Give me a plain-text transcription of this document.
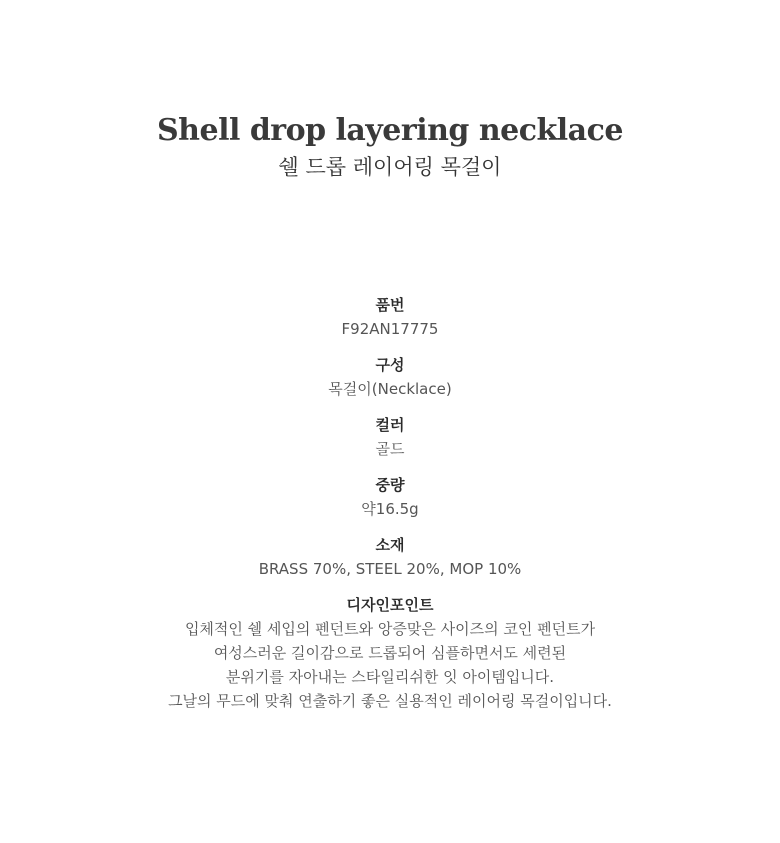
Shell drop layering necklace
쉘 드롭 레이어링 목걸이
품번
F92AN17775
구성
목걸이(Necklace)
컬러
골드
중량
약16.5g
소재
BRASS 70%, STEEL 20%, MOP 10%
디자인포인트
입체적인 쉘 세입의 펜던트와 앙증맞은 사이즈의 코인 펜던트가
여성스러운 길이감으로 드롭되어 심플하면서도 세련된
분위기를 자아내는 스타일리쉬한 잇 아이템입니다.
그날의 무드에 맞춰 연출하기 좋은 실용적인 레이어링 목걸이입니다.
